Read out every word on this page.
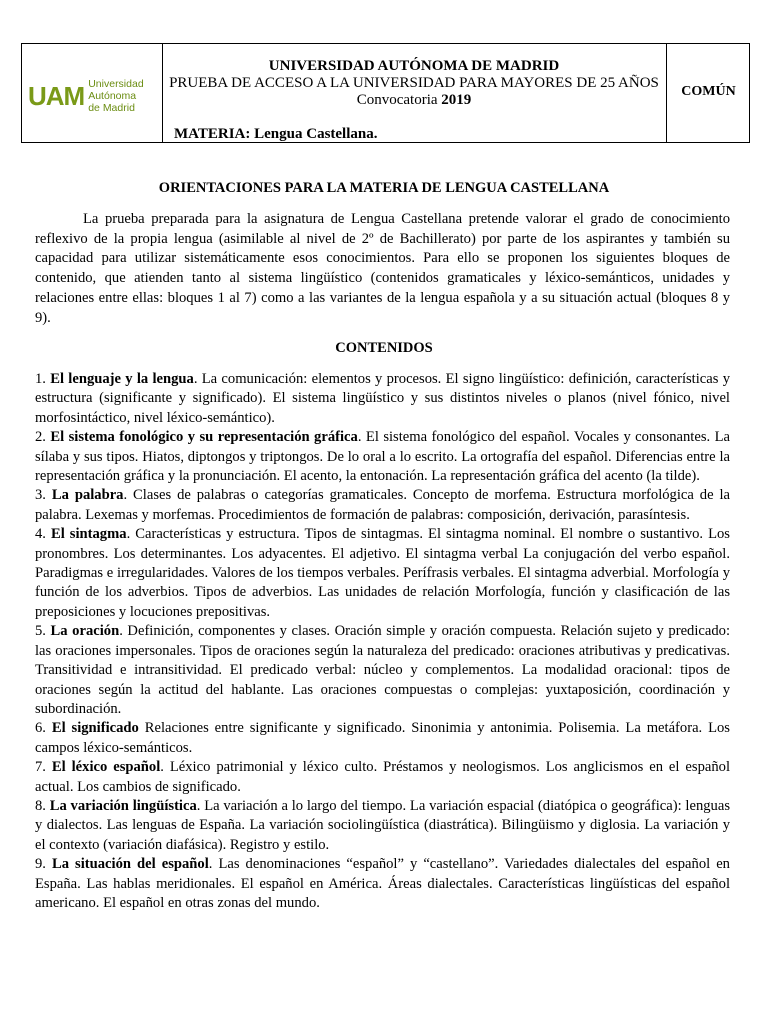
UAM Universidad Autónoma
de Madrid
UNIVERSIDAD AUTÓNOMA DE MADRID
PRUEBA DE ACCESO A LA UNIVERSIDAD PARA MAYORES DE 25 AÑOS
Convocatoria 2019
MATERIA: Lengua Castellana.
COMÚN
ORIENTACIONES PARA LA MATERIA DE LENGUA CASTELLANA

La prueba preparada para la asignatura de Lengua Castellana pretende valorar el grado de conocimiento reflexivo de la propia lengua (asimilable al nivel de 2º de Bachillerato) por parte de los aspirantes y también su capacidad para utilizar sistemáticamente esos conocimientos. Para ello se proponen los siguientes bloques de contenido, que atienden tanto al sistema lingüístico (contenidos gramaticales y léxico-semánticos, unidades y relaciones entre ellas: bloques 1 al 7) como a las variantes de la lengua española y a su situación actual (bloques 8 y 9).

CONTENIDOS

1. El lenguaje y la lengua. La comunicación: elementos y procesos. El signo lingüístico: definición, características y estructura (significante y significado). El sistema lingüístico y sus distintos niveles o planos (nivel fónico, nivel morfosintáctico, nivel léxico-semántico).

2. El sistema fonológico y su representación gráfica. El sistema fonológico del español. Vocales y consonantes. La sílaba y sus tipos. Hiatos, diptongos y triptongos. De lo oral a lo escrito. La ortografía del español. Diferencias entre la representación gráfica y la pronunciación. El acento, la entonación. La representación gráfica del acento (la tilde).

3. La palabra. Clases de palabras o categorías gramaticales. Concepto de morfema. Estructura morfológica de la palabra. Lexemas y morfemas. Procedimientos de formación de palabras: composición, derivación, parasíntesis.

4. El sintagma. Características y estructura. Tipos de sintagmas. El sintagma nominal. El nombre o sustantivo. Los pronombres. Los determinantes. Los adyacentes. El adjetivo. El sintagma verbal La conjugación del verbo español. Paradigmas e irregularidades. Valores de los tiempos verbales. Perífrasis verbales. El sintagma adverbial. Morfología y función de los adverbios. Tipos de adverbios. Las unidades de relación Morfología, función y clasificación de las preposiciones y locuciones prepositivas.

5. La oración. Definición, componentes y clases. Oración simple y oración compuesta. Relación sujeto y predicado: las oraciones impersonales. Tipos de oraciones según la naturaleza del predicado: oraciones atributivas y predicativas. Transitividad e intransitividad. El predicado verbal: núcleo y complementos. La modalidad oracional: tipos de oraciones según la actitud del hablante. Las oraciones compuestas o complejas: yuxtaposición, coordinación y subordinación.

6. El significado Relaciones entre significante y significado. Sinonimia y antonimia. Polisemia. La metáfora. Los campos léxico-semánticos.

7. El léxico español. Léxico patrimonial y léxico culto. Préstamos y neologismos. Los anglicismos en el español actual. Los cambios de significado.

8. La variación lingüística. La variación a lo largo del tiempo. La variación espacial (diatópica o geográfica): lenguas y dialectos. Las lenguas de España. La variación sociolingüística (diastrática). Bilingüismo y diglosia. La variación y el contexto (variación diafásica). Registro y estilo.

9. La situación del español. Las denominaciones “español” y “castellano”. Variedades dialectales del español en España. Las hablas meridionales. El español en América. Áreas dialectales. Características lingüísticas del español americano. El español en otras zonas del mundo.
